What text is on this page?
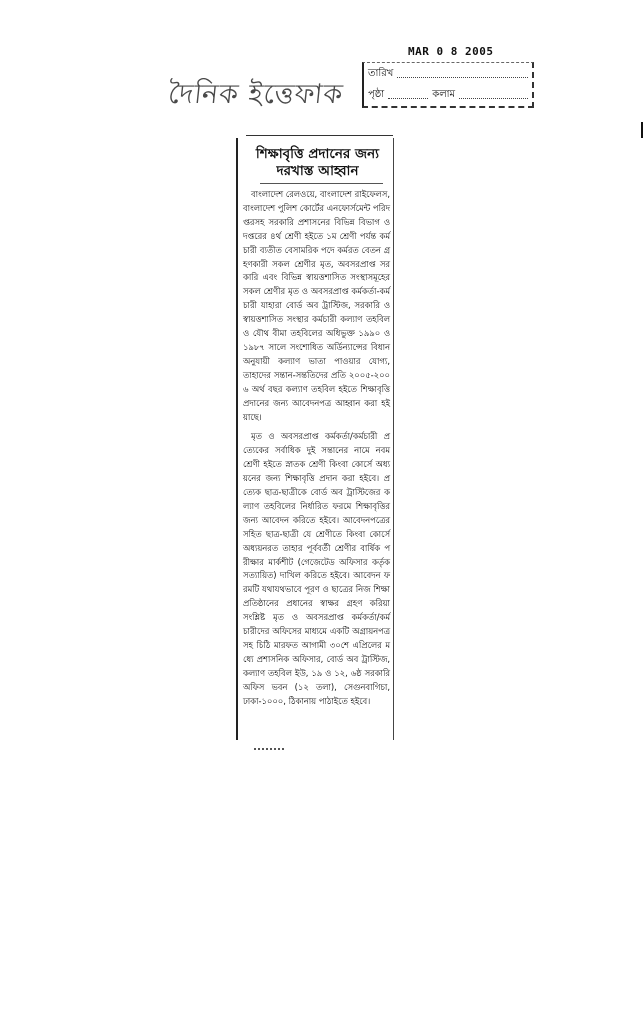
দৈনিক ইত্তেফাক
MAR 0 8 2005
তারিখ
পৃষ্ঠা	কলাম
শিক্ষাবৃত্তি প্রদানের জন্য
দরখাস্ত আহ্বান

বাংলাদেশ রেলওয়ে, বাংলাদেশ রাইফেলস, বাংলাদেশ পুলিশ কোর্টের এনফোর্সমেন্ট পরিদপ্তরসহ সরকারি প্রশাসনের বিভিন্ন বিভাগ ও দপ্তরের ৪র্থ শ্রেণী হইতে ১ম শ্রেণী পর্যন্ত কর্মচারী ব্যতীত বেসামরিক পদে কর্মরত বেতন গ্রহণকারী সকল শ্রেণীর মৃত, অবসরপ্রাপ্ত সরকারি এবং বিভিন্ন স্বায়ত্তশাসিত সংস্থাসমূহের সকল শ্রেণীর মৃত ও অবসরপ্রাপ্ত কর্মকর্তা-কর্মচারী যাহারা বোর্ড অব ট্রাস্টিজ, সরকারি ও স্বায়ত্তশাসিত সংস্থার কর্মচারী কল্যাণ তহবিল ও যৌথ বীমা তহবিলের অধিভুক্ত ১৯৯০ ও ১৯৮৭ সালে সংশোধিত অর্ডিন্যান্সের বিধান অনুযায়ী কল্যাণ ভাতা পাওয়ার যোগ্য, তাহাদের সন্তান-সন্ততিদের প্রতি ২০০৫-২০০৬ অর্থ বছর কল্যাণ তহবিল হইতে শিক্ষাবৃত্তি প্রদানের জন্য আবেদনপত্র আহ্বান করা হইয়াছে।

মৃত ও অবসরপ্রাপ্ত কর্মকর্তা/কর্মচারী প্রত্যেকের সর্বাধিক দুই সন্তানের নামে নবম শ্রেণী হইতে স্নাতক শ্রেণী কিংবা কোর্সে অধ্যয়নের জন্য শিক্ষাবৃত্তি প্রদান করা হইবে। প্রত্যেক ছাত্র-ছাত্রীকে বোর্ড অব ট্রাস্টিজের কল্যাণ তহবিলের নির্ধারিত ফরমে শিক্ষাবৃত্তির জন্য আবেদন করিতে হইবে। আবেদনপত্রের সহিত ছাত্র-ছাত্রী যে শ্রেণীতে কিংবা কোর্সে অধ্যয়নরত তাহার পূর্ববর্তী শ্রেণীর বার্ষিক পরীক্ষার মার্কশীট (গেজেটেড অফিসার কর্তৃক সত্যায়িত) দাখিল করিতে হইবে। আবেদন ফরমটি যথাযথভাবে পূরণ ও ছাত্রের নিজ শিক্ষা প্রতিষ্ঠানের প্রধানের স্বাক্ষর গ্রহণ করিয়া সংশ্লিষ্ট মৃত ও অবসরপ্রাপ্ত কর্মকর্তা/কর্মচারীদের অফিসের মাধ্যমে একটি অগ্রায়নপত্রসহ চিঠি মারফত আগামী ৩০শে এপ্রিলের মধ্যে প্রশাসনিক অফিসার, বোর্ড অব ট্রাস্টিজ, কল্যাণ তহবিল ইউ, ১৯ ও ১২, ৬ষ্ঠ সরকারি অফিস ভবন (১২ তলা), সেগুনবাগিচা, ঢাকা-১০০০, ঠিকানায় পাঠাইতে হইবে।
